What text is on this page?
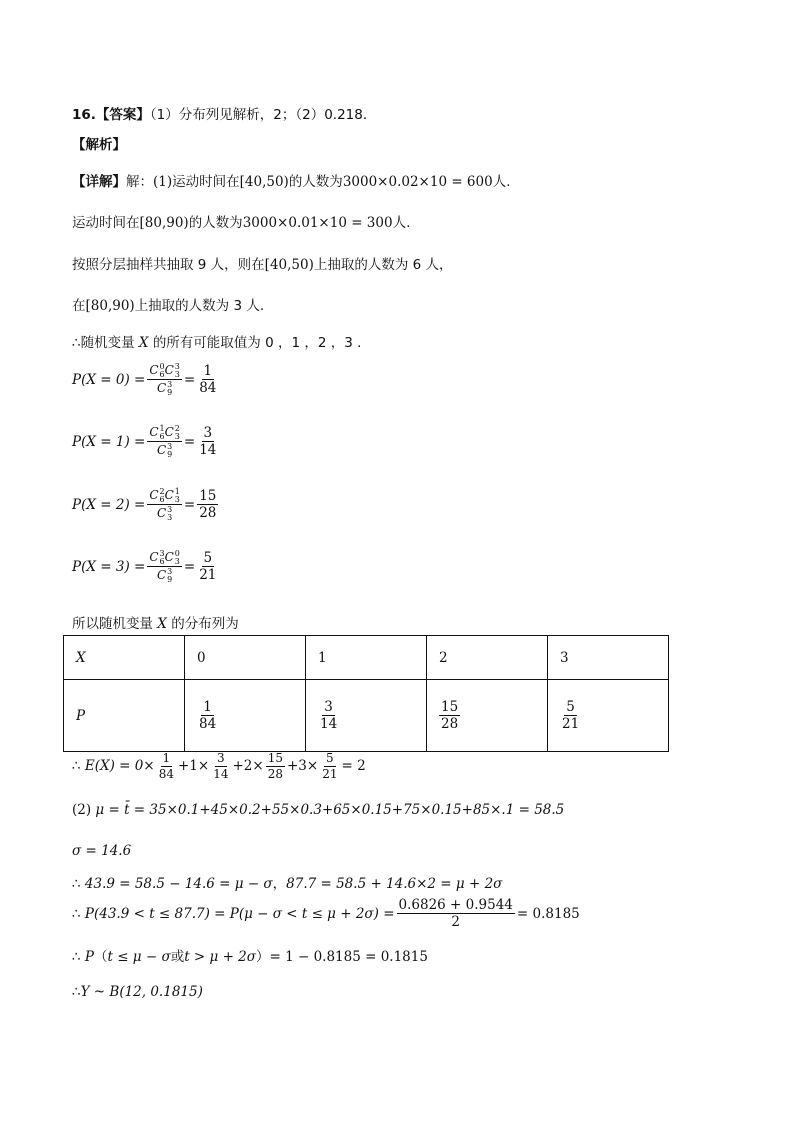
16.【答案】（1）分布列见解析，2；（2）0.218．
【解析】
【详解】解：(1)运动时间在[40,50)的人数为3000×0.02×10 = 600人.
运动时间在[80,90)的人数为3000×0.01×10 = 300人.
按照分层抽样共抽取 9 人，则在[40,50)上抽取的人数为 6 人，
在[80,90)上抽取的人数为 3 人.
∴随机变量 X 的所有可能取值为 0 ，1 ，2 ，3 .
P(X = 0) = C 0
6 C 3
3
C 3
$9 = \frac{1}{84}$
P(X = 1) = C 1
6 C 2
3
C 3
$9 = \frac{3}{14}$
P(X = 2) = C 2
6 C 1
3
C 3
$3 = \frac{15}{28}$
P(X = 3) = C 3
6 C 0
3
C 3
$9 = \frac{5}{21}$
所以随机变量 X 的分布列为
X	0	1	2	3
P	$\frac{1}{84}$	$\frac{3}{14}$	$\frac{15}{28}$	$\frac{5}{21}$
∴
$E(X) = 0\times \frac{1}{84} +1\times \frac{3}{14} +2\times \frac{15}{28} +3\times \frac{5}{21} = 2$
(2) μ = t̄ = 35×0.1+45×0.2+55×0.3+65×0.15+75×0.15+85×.1 = 58.5
σ = 14.6
∴ 43.9 = 58.5 − 14.6 = μ − σ，87.7 = 58.5 + 14.6×2 = μ + 2σ
∴
$P(43.9 < t \le 87.7) = P(\mu - \sigma < t \le \mu + 2\sigma) = \frac{0.6826 + 0.9544}{2} = 0.8185$
∴ P（t ≤ μ − σ或t > μ + 2σ）= 1 − 0.8185 = 0.1815
∴Y ~ B(12, 0.1815)
